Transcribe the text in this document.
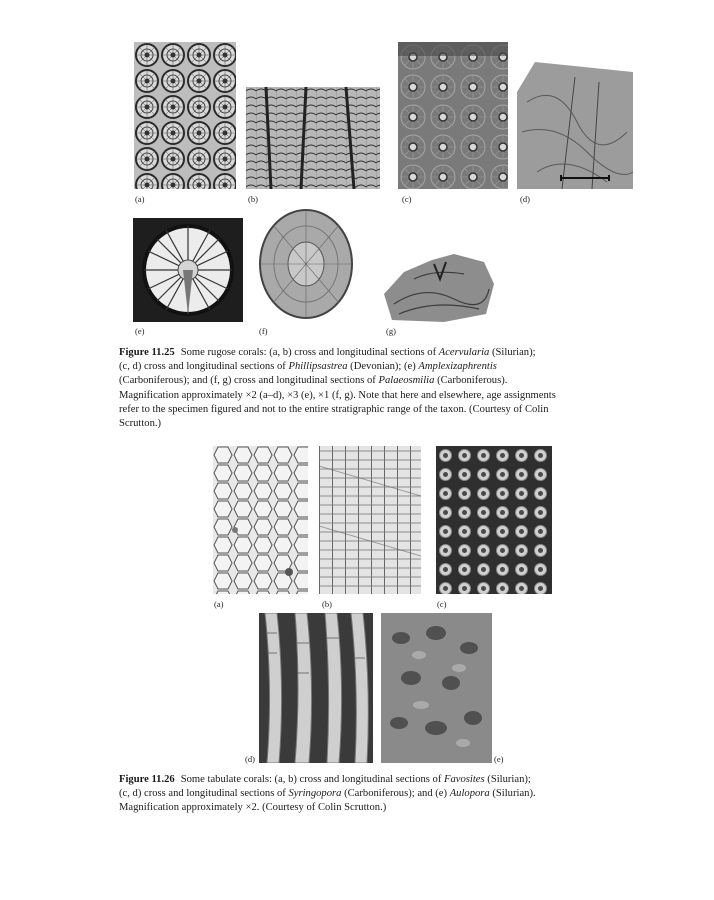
(a)	(b)	(c)	(d)
(e)	(f)	(g)

Figure 11.25 Some rugose corals: (a, b) cross and longitudinal sections of Acervularia (Silurian);
(c, d) cross and longitudinal sections of Phillipsastrea (Devonian); (e) Amplexizaphrentis
(Carboniferous); and (f, g) cross and longitudinal sections of Palaeosmilia (Carboniferous).
Magnification approximately ×2 (a–d), ×3 (e), ×1 (f, g). Note that here and elsewhere, age assignments
refer to the specimen figured and not to the entire stratigraphic range of the taxon. (Courtesy of Colin
Scrutton.)

(a)	(b)	(c)
(d)	(e)

Figure 11.26 Some tabulate corals: (a, b) cross and longitudinal sections of Favosites (Silurian);
(c, d) cross and longitudinal sections of Syringopora (Carboniferous); and (e) Aulopora (Silurian).
Magnification approximately ×2. (Courtesy of Colin Scrutton.)
